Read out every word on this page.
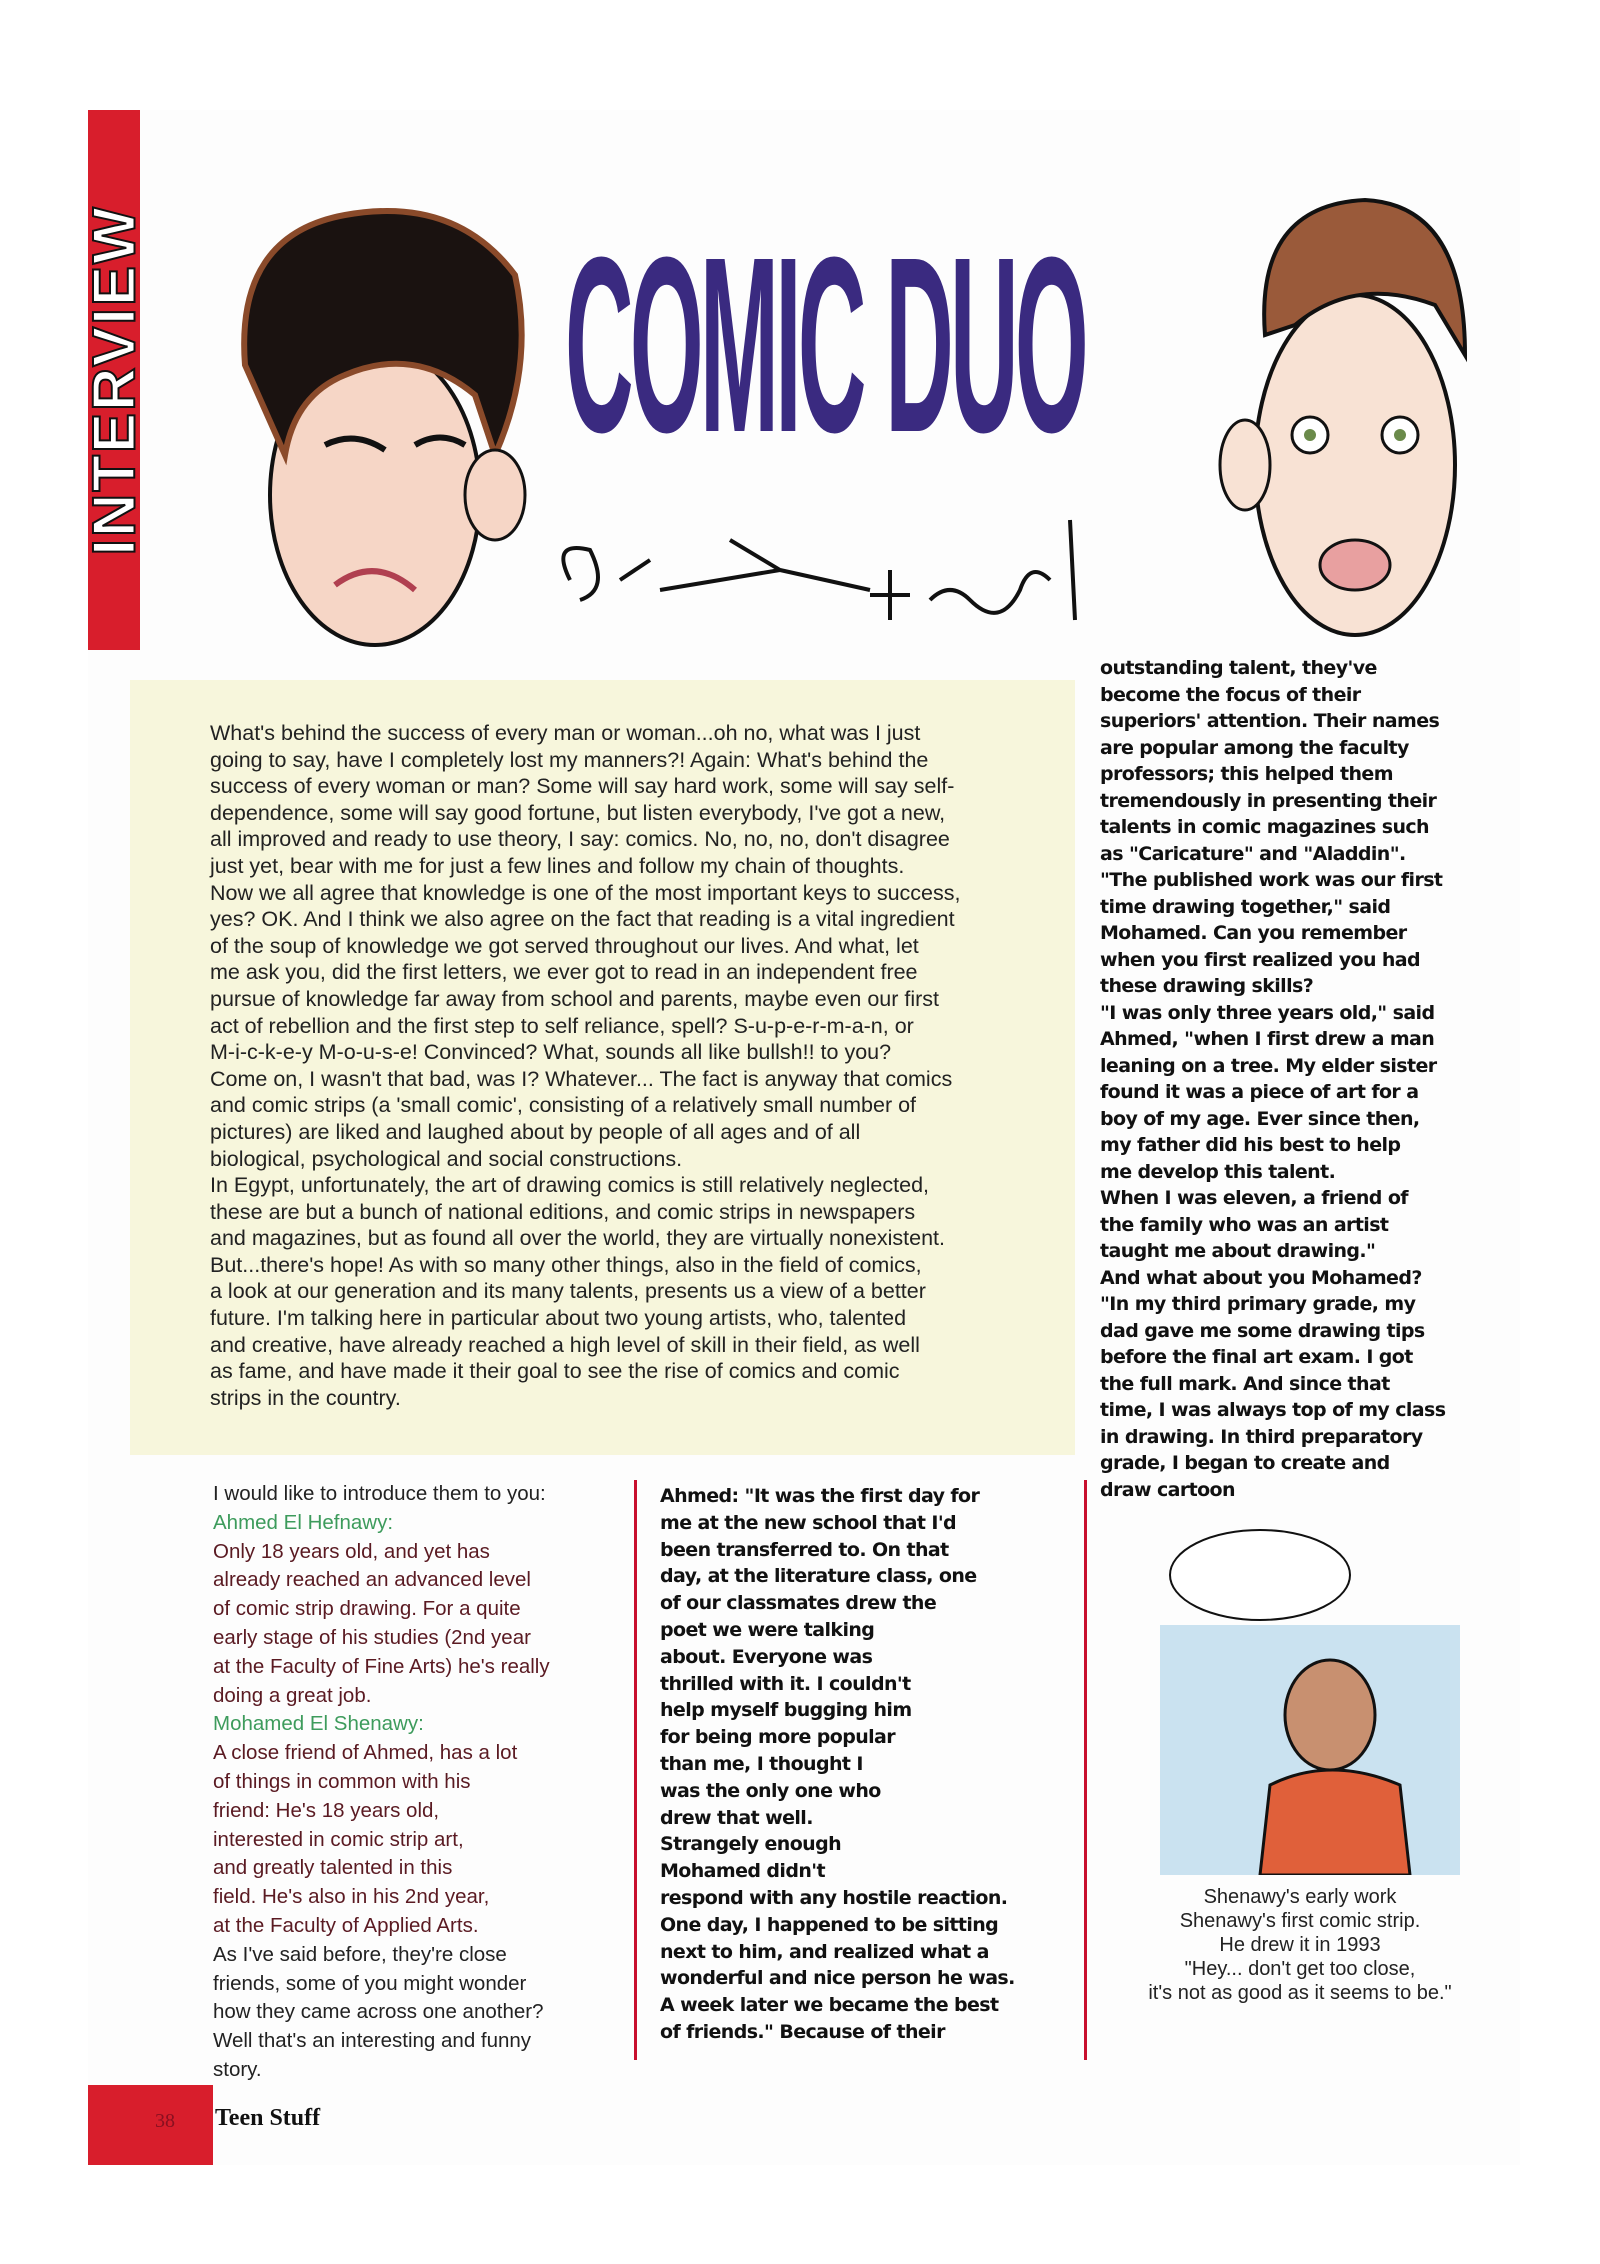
INTERVIEW COMIC DUO

What's behind the success of every man or woman...oh no, what was I just
going to say, have I completely lost my manners?! Again: What's behind the
success of every woman or man? Some will say hard work, some will say self-
dependence, some will say good fortune, but listen everybody, I've got a new,
all improved and ready to use theory, I say: comics. No, no, no, don't disagree
just yet, bear with me for just a few lines and follow my chain of thoughts.
Now we all agree that knowledge is one of the most important keys to success,
yes? OK. And I think we also agree on the fact that reading is a vital ingredient
of the soup of knowledge we got served throughout our lives. And what, let
me ask you, did the first letters, we ever got to read in an independent free
pursue of knowledge far away from school and parents, maybe even our first
act of rebellion and the first step to self reliance, spell? S-u-p-e-r-m-a-n, or
M-i-c-k-e-y M-o-u-s-e! Convinced? What, sounds all like bullsh!! to you?
Come on, I wasn't that bad, was I? Whatever... The fact is anyway that comics
and comic strips (a 'small comic', consisting of a relatively small number of
pictures) are liked and laughed about by people of all ages and of all
biological, psychological and social constructions.
In Egypt, unfortunately, the art of drawing comics is still relatively neglected,
these are but a bunch of national editions, and comic strips in newspapers
and magazines, but as found all over the world, they are virtually nonexistent.
But...there's hope! As with so many other things, also in the field of comics,
a look at our generation and its many talents, presents us a view of a better
future. I'm talking here in particular about two young artists, who, talented
and creative, have already reached a high level of skill in their field, as well
as fame, and have made it their goal to see the rise of comics and comic
strips in the country.

outstanding talent, they've
become the focus of their
superiors' attention. Their names
are popular among the faculty
professors; this helped them
tremendously in presenting their
talents in comic magazines such
as "Caricature" and "Aladdin".
"The published work was our first
time drawing together," said
Mohamed. Can you remember
when you first realized you had
these drawing skills?
"I was only three years old," said
Ahmed, "when I first drew a man
leaning on a tree. My elder sister
found it was a piece of art for a
boy of my age. Ever since then,
my father did his best to help
me develop this talent.
When I was eleven, a friend of
the family who was an artist
taught me about drawing."
And what about you Mohamed?
"In my third primary grade, my
dad gave me some drawing tips
before the final art exam. I got
the full mark. And since that
time, I was always top of my class
in drawing. In third preparatory
grade, I began to create and
draw cartoon
I would like to introduce them to you:
Ahmed El Hefnawy:
Only 18 years old, and yet has
already reached an advanced level
of comic strip drawing. For a quite
early stage of his studies (2nd year
at the Faculty of Fine Arts) he's really
doing a great job.
Mohamed El Shenawy:
A close friend of Ahmed, has a lot
of things in common with his
friend: He's 18 years old,
interested in comic strip art,
and greatly talented in this
field. He's also in his 2nd year,
at the Faculty of Applied Arts.
As I've said before, they're close
friends, some of you might wonder
how they came across one another?
Well that's an interesting and funny
story.
Ahmed: "It was the first day for
me at the new school that I'd
been transferred to. On that
day, at the literature class, one
of our classmates drew the
poet we were talking
about. Everyone was
thrilled with it. I couldn't
help myself bugging him
for being more popular
than me, I thought I
was the only one who
drew that well.
Strangely enough
Mohamed didn't
respond with any hostile reaction.
One day, I happened to be sitting
next to him, and realized what a
wonderful and nice person he was.
A week later we became the best
of friends." Because of their
Shenawy's early work
Shenawy's first comic strip.
He drew it in 1993
"Hey... don't get too close,
it's not as good as it seems to be."
38 Teen Stuff
